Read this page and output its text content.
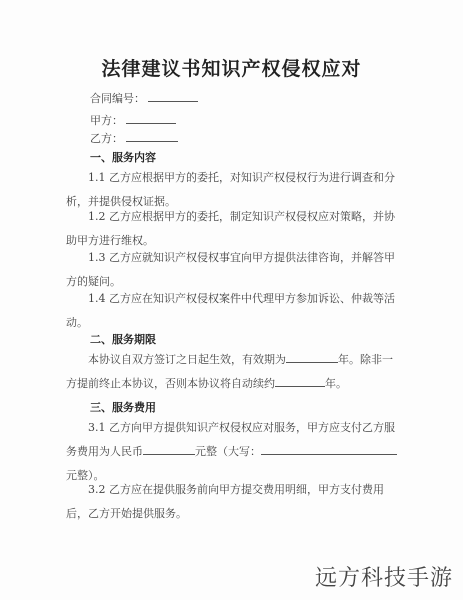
法律建议书知识产权侵权应对
合同编号：
甲方：
乙方：
一、服务内容

1.1 乙方应根据甲方的委托，对知识产权侵权行为进行调查和分析，并提供侵权证据。

1.2 乙方应根据甲方的委托，制定知识产权侵权应对策略，并协助甲方进行维权。

1.3 乙方应就知识产权侵权事宜向甲方提供法律咨询，并解答甲方的疑问。

1.4 乙方应在知识产权侵权案件中代理甲方参加诉讼、仲裁等活动。

二、服务期限

本协议自双方签订之日起生效，有效期为	年。除非一方提前终止本协议，否则本协议将自动续约	年。

三、服务费用

3.1 乙方向甲方提供知识产权侵权应对服务，甲方应支付乙方服务费用为人民币	元整（大写：元整）。

3.2 乙方应在提供服务前向甲方提交费用明细，甲方支付费用后，乙方开始提供服务。

远方科技手游
